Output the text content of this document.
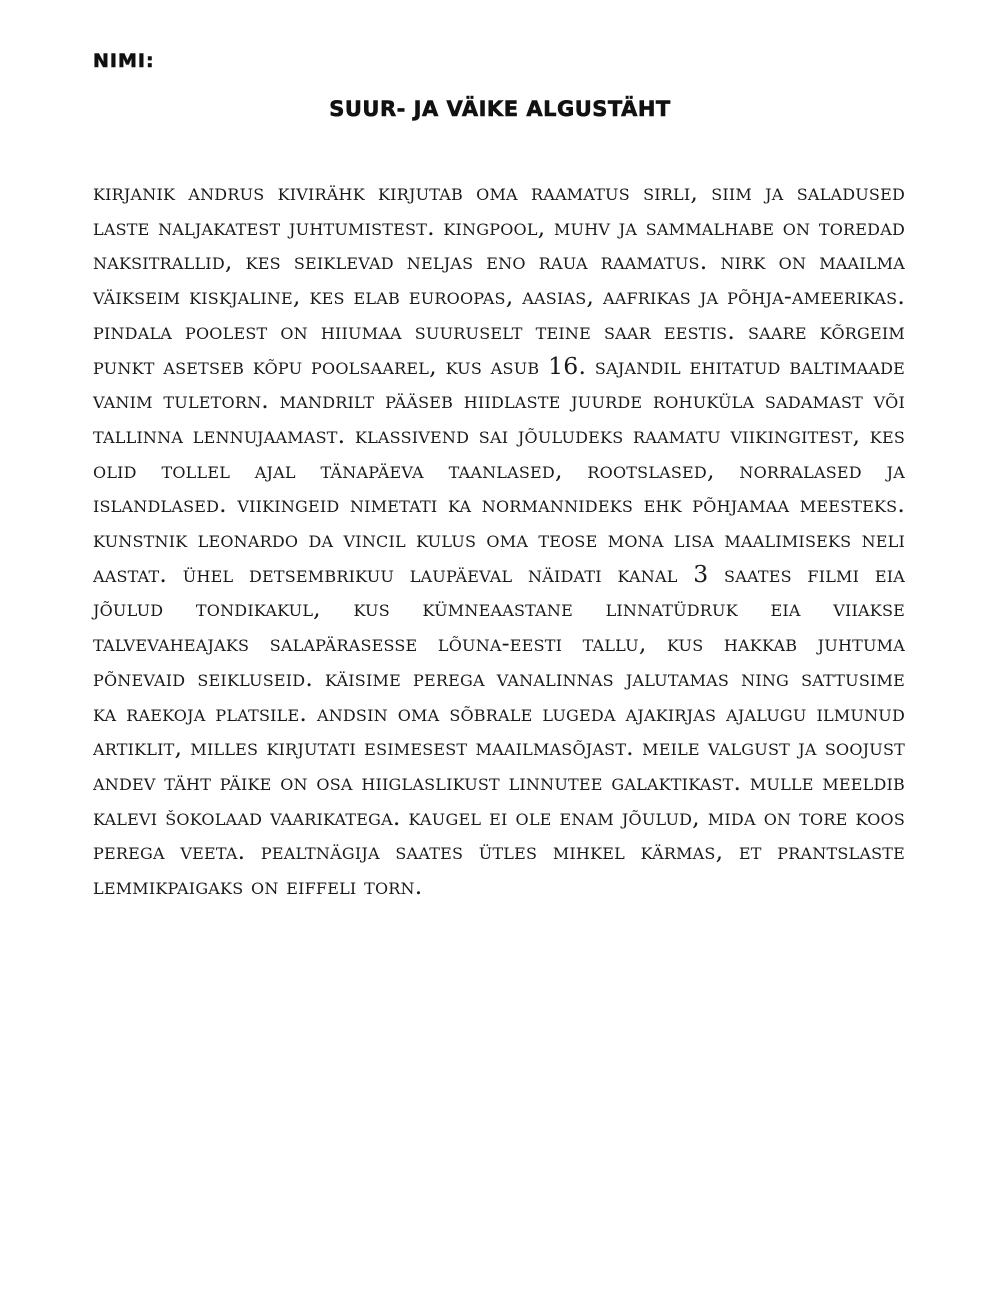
NIMI:
SUUR- JA VÄIKE ALGUSTÄHT

kirjanik andrus kivirähk kirjutab oma raamatus sirli, siim ja saladused laste naljakatest juhtumistest. kingpool, muhv ja sammalhabe on toredad naksitrallid, kes seiklevad neljas eno raua raamatus. nirk on maailma väikseim kiskjaline, kes elab euroopas, aasias, aafrikas ja põhja-ameerikas. pindala poolest on hiiumaa suuruselt teine saar eestis. saare kõrgeim punkt asetseb kõpu poolsaarel, kus asub 16. sajandil ehitatud baltimaade vanim tuletorn. mandrilt pääseb hiidlaste juurde rohuküla sadamast või tallinna lennujaamast. klassivend sai jõuludeks raamatu viikingitest, kes olid tollel ajal tänapäeva taanlased, rootslased, norralased ja islandlased. viikingeid nimetati ka normannideks ehk põhjamaa meesteks. kunstnik leonardo da vincil kulus oma teose mona lisa maalimiseks neli aastat. ühel detsembrikuu laupäeval näidati kanal 3 saates filmi eia jõulud tondikakul, kus kümneaastane linnatüdruk eia viiakse talvevaheajaks salapärasesse lõuna-eesti tallu, kus hakkab juhtuma põnevaid seikluseid. käisime perega vanalinnas jalutamas ning sattusime ka raekoja platsile. andsin oma sõbrale lugeda ajakirjas ajalugu ilmunud artiklit, milles kirjutati esimesest maailmasõjast. meile valgust ja soojust andev täht päike on osa hiiglaslikust linnutee galaktikast. mulle meeldib kalevi šokolaad vaarikatega. kaugel ei ole enam jõulud, mida on tore koos perega veeta. pealtnägija saates ütles mihkel kärmas, et prantslaste lemmikpaigaks on eiffeli torn.
